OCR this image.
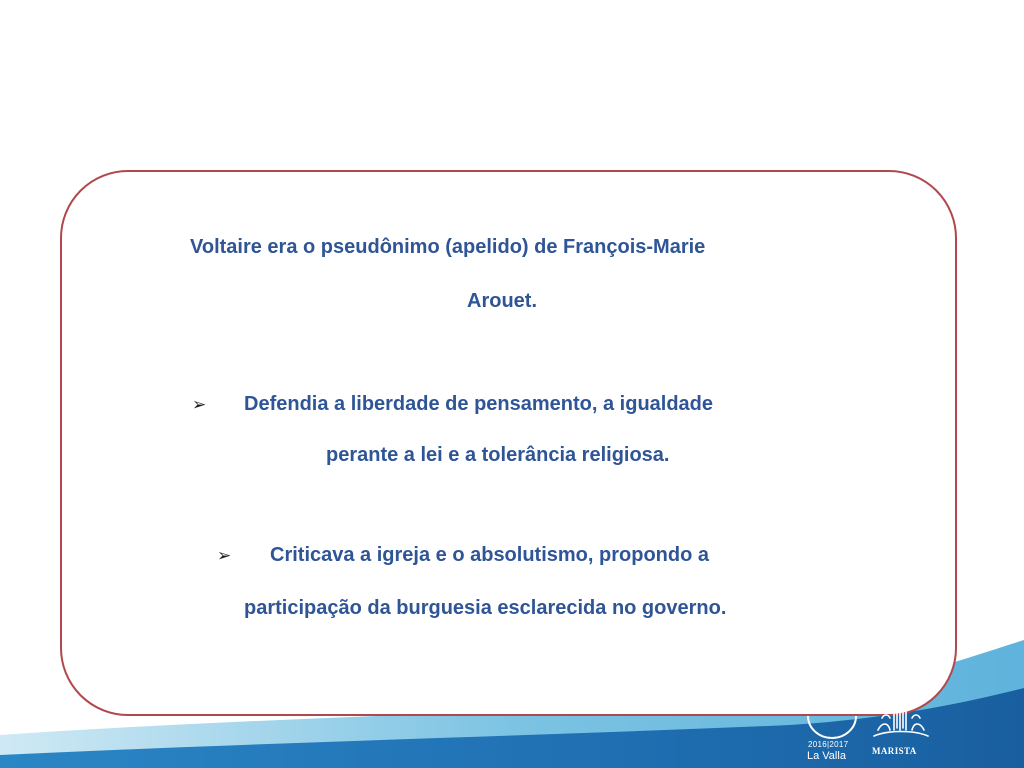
Voltaire era o pseudônimo (apelido) de François-Marie

Arouet.

➢ Defendia a liberdade de pensamento, a igualdade

perante a lei e a tolerância religiosa.

➢ Criticava a igreja e o absolutismo, propondo a

participação da burguesia esclarecida no governo.

2016|2017
La Valla	MARISTA
